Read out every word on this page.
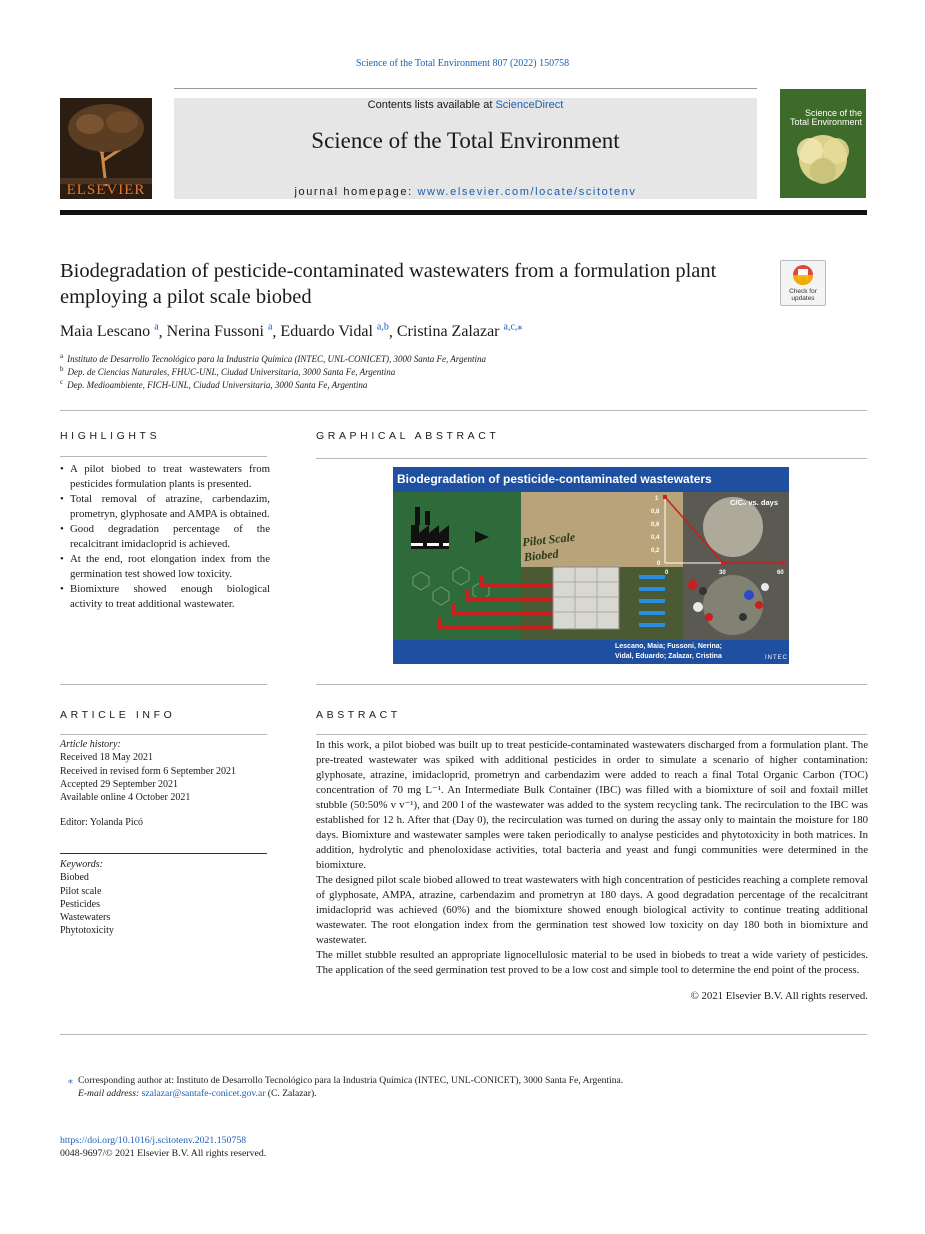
Science of the Total Environment 807 (2022) 150758
ELSEVIER
Contents lists available at ScienceDirect
Science of the Total Environment
journal homepage: www.elsevier.com/locate/scitotenv
Science of the
Total Environment
Biodegradation of pesticide-contaminated wastewaters from a formulation plant employing a pilot scale biobed	Check for
updates
Maia Lescano $^a$, Nerina Fussoni $^a$, Eduardo Vidal $^{a,b}$, Cristina Zalazar $^{a,c,⁎}$
$^a$ Instituto de Desarrollo Tecnológico para la Industria Química (INTEC, UNL-CONICET), 3000 Santa Fe, Argentina
$^b$ Dep. de Ciencias Naturales, FHUC-UNL, Ciudad Universitaria, 3000 Santa Fe, Argentina
$^c$ Dep. Medioambiente, FICH-UNL, Ciudad Universitaria, 3000 Santa Fe, Argentina
HIGHLIGHTS
• A pilot biobed to treat wastewaters from pesticides formulation plants is presented.
• Total removal of atrazine, carbendazim, prometryn, glyphosate and AMPA is obtained.
• Good degradation percentage of the recalcitrant imidacloprid is achieved.
• At the end, root elongation index from the germination test showed low toxicity.
• Biomixture showed enough biological activity to treat additional wastewater.
GRAPHICAL ABSTRACT
1
0,8
0,6
0,4
0,2
0
0	30	60
Biodegradation of pesticide-contaminated wastewaters
Pilot Scale Biobed
C/C₀ vs. days
Lescano, Maia; Fussoni, Nerina;
Vidal, Eduardo; Zalazar, Cristina	INTEC
ARTICLE INFO
Article history:
Received 18 May 2021
Received in revised form 6 September 2021
Accepted 29 September 2021
Available online 4 October 2021
Editor: Yolanda Picó
Keywords:
Biobed
Pilot scale
Pesticides
Wastewaters
Phytotoxicity
ABSTRACT

In this work, a pilot biobed was built up to treat pesticide-contaminated wastewaters discharged from a formulation plant. The pre-treated wastewater was spiked with additional pesticides in order to simulate a scenario of higher contamination: glyphosate, atrazine, imidacloprid, prometryn and carbendazim were added to reach a final Total Organic Carbon (TOC) concentration of 70 mg L⁻¹. An Intermediate Bulk Container (IBC) was filled with a biomixture of soil and foxtail millet stubble (50:50% v v⁻¹), and 200 l of the wastewater was added to the system recycling tank. The recirculation to the IBC was established for 12 h. After that (Day 0), the recirculation was turned on during the assay only to maintain the moisture for 180 days. Biomixture and wastewater samples were taken periodically to analyse pesticides and phytotoxicity in both matrices. In addition, hydrolytic and phenoloxidase activities, total bacteria and yeast and fungi communities were determined in the biomixture.

The designed pilot scale biobed allowed to treat wastewaters with high concentration of pesticides reaching a complete removal of glyphosate, AMPA, atrazine, carbendazim and prometryn at 180 days. A good degradation percentage of the recalcitrant imidacloprid was achieved (60%) and the biomixture showed enough biological activity to continue treating additional wastewater. The root elongation index from the germination test showed low toxicity on day 180 both in biomixture and wastewater.

The millet stubble resulted an appropriate lignocellulosic material to be used in biobeds to treat a wide variety of pesticides. The application of the seed germination test proved to be a low cost and simple tool to determine the end point of the process.

© 2021 Elsevier B.V. All rights reserved.
⁎ Corresponding author at: Instituto de Desarrollo Tecnológico para la Industria Química (INTEC, UNL-CONICET), 3000 Santa Fe, Argentina.
E-mail address: szalazar@santafe-conicet.gov.ar (C. Zalazar).
https://doi.org/10.1016/j.scitotenv.2021.150758
0048-9697/© 2021 Elsevier B.V. All rights reserved.
